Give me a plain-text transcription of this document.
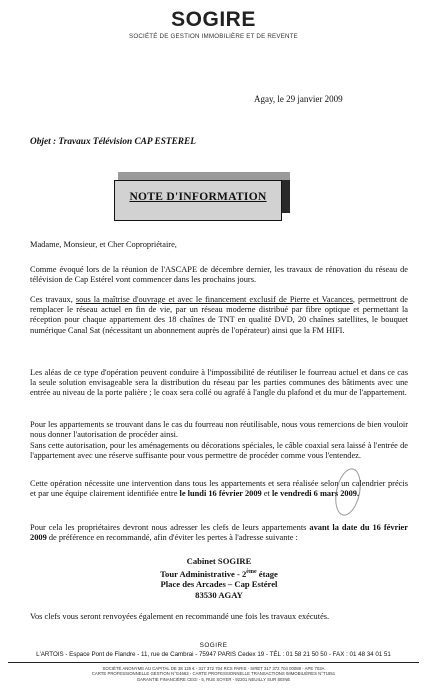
SOGIRE
SOCIÉTÉ DE GESTION IMMOBILIÈRE ET DE REVENTE
Agay, le 29 janvier 2009
Objet : Travaux Télévision CAP ESTEREL
NOTE D'INFORMATION
Madame, Monsieur, et Cher Copropriétaire,
Comme évoqué lors de la réunion de l'ASCAPE de décembre dernier, les travaux de rénovation du réseau de télévision de Cap Estérel vont commencer dans les prochains jours.
Ces travaux, sous la maîtrise d'ouvrage et avec le financement exclusif de Pierre et Vacances, permettront de remplacer le réseau actuel en fin de vie, par un réseau moderne distribué par fibre optique et permettant la réception pour chaque appartement des 18 chaînes de TNT en qualité DVD, 20 chaînes satellites, le bouquet numérique Canal Sat (nécessitant un abonnement auprès de l'opérateur) ainsi que la FM HIFI.
Les aléas de ce type d'opération peuvent conduire à l'impossibilité de réutiliser le fourreau actuel et dans ce cas la seule solution envisageable sera la distribution du réseau par les parties communes des bâtiments avec une entrée au niveau de la porte palière ; le coax sera collé ou agrafé à l'angle du plafond et du mur de l'appartement.
Pour les appartements se trouvant dans le cas du fourreau non réutilisable, nous vous remercions de bien vouloir nous donner l'autorisation de procéder ainsi.
Sans cette autorisation, pour les aménagements ou décorations spéciales, le câble coaxial sera laissé à l'entrée de l'appartement avec une réserve suffisante pour vous permettre de procéder comme vous l'entendez.
Cette opération nécessite une intervention dans tous les appartements et sera réalisée selon un calendrier précis et par une équipe clairement identifiée entre le lundi 16 février 2009 et le vendredi 6 mars 2009.
Pour cela les propriétaires devront nous adresser les clefs de leurs appartements avant la date du 16 février 2009 de préférence en recommandé, afin d'éviter les pertes à l'adresse suivante :
Cabinet SOGIRE
Tour Administrative - 2ème étage
Place des Arcades – Cap Estérel
83530 AGAY
Vos clefs vous seront renvoyées également en recommandé une fois les travaux exécutés.
SOGIRE
L'ARTOIS - Espace Pont de Flandre - 11, rue de Cambrai - 75947 PARIS Cedex 19 - TÉL : 01 58 21 50 50 - FAX : 01 48 34 01 51
SOCIÉTÉ ANONYME AU CAPITAL DE 38 125 € - 317 372 704 RCS PARIS - SIRET 317 372 704 00088 - APE 703A
CARTE PROFESSIONNELLE GESTION N°G4663 - CARTE PROFESSIONNELLE TRANSACTIONS IMMOBILIÈRES N°T1851
GARANTIE FINANCIÈRE CEGI - 5, RUE SOYER - 92201 NEUILLY SUR SEINE
